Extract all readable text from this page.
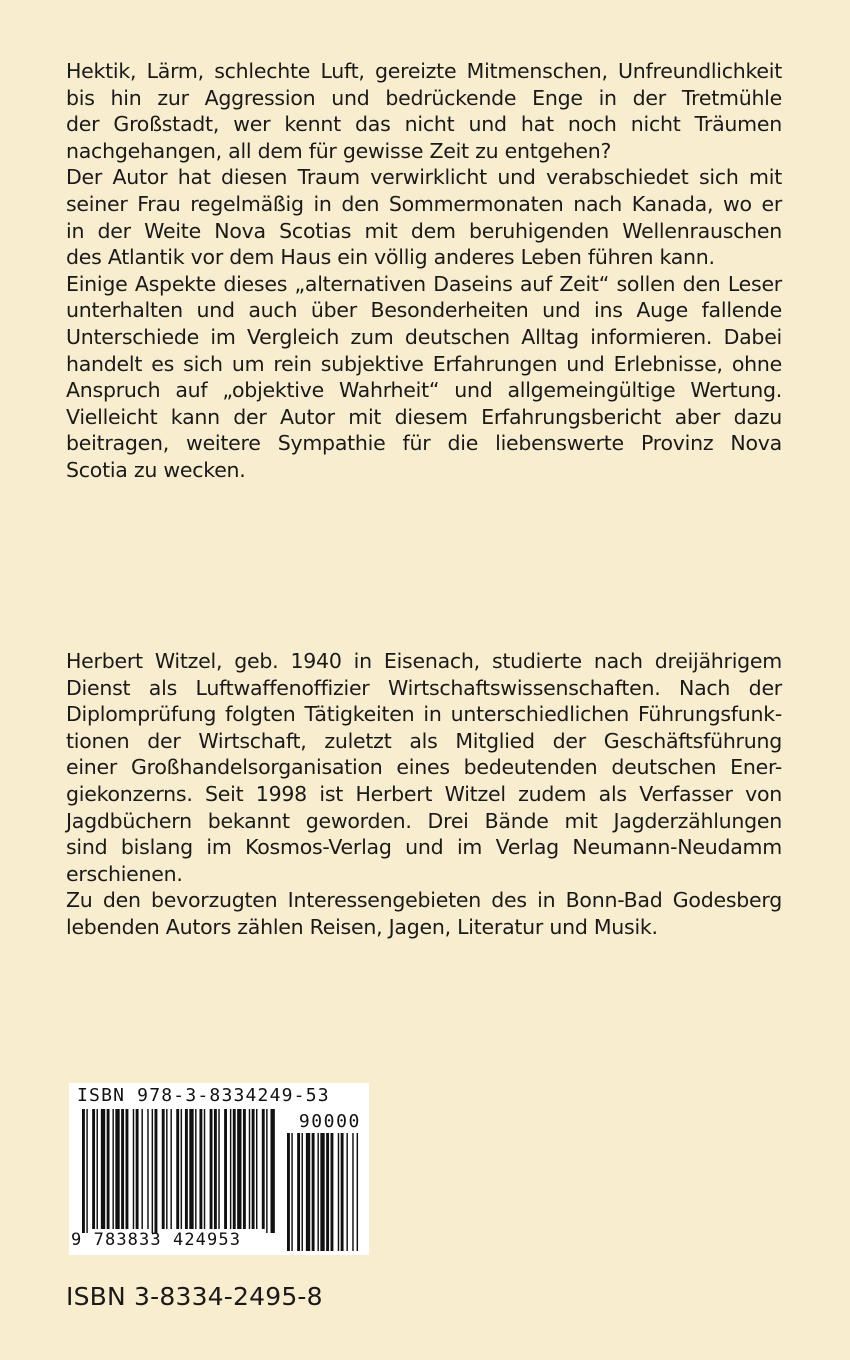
Hektik, Lärm, schlechte Luft, gereizte Mitmenschen, Unfreundlichkeit
bis hin zur Aggression und bedrückende Enge in der Tretmühle
der Großstadt, wer kennt das nicht und hat noch nicht Träumen
nachgehangen, all dem für gewisse Zeit zu entgehen?
Der Autor hat diesen Traum verwirklicht und verabschiedet sich mit
seiner Frau regelmäßig in den Sommermonaten nach Kanada, wo er
in der Weite Nova Scotias mit dem beruhigenden Wellenrauschen
des Atlantik vor dem Haus ein völlig anderes Leben führen kann.
Einige Aspekte dieses „alternativen Daseins auf Zeit“ sollen den Leser
unterhalten und auch über Besonderheiten und ins Auge fallende
Unterschiede im Vergleich zum deutschen Alltag informieren. Dabei
handelt es sich um rein subjektive Erfahrungen und Erlebnisse, ohne
Anspruch auf „objektive Wahrheit“ und allgemeingültige Wertung.
Vielleicht kann der Autor mit diesem Erfahrungsbericht aber dazu
beitragen, weitere Sympathie für die liebenswerte Provinz Nova
Scotia zu wecken.
Herbert Witzel, geb. 1940 in Eisenach, studierte nach dreijährigem
Dienst als Luftwaffenoffizier Wirtschaftswissenschaften. Nach der
Diplomprüfung folgten Tätigkeiten in unterschiedlichen Führungsfunk-
tionen der Wirtschaft, zuletzt als Mitglied der Geschäftsführung
einer Großhandelsorganisation eines bedeutenden deutschen Ener-
giekonzerns. Seit 1998 ist Herbert Witzel zudem als Verfasser von
Jagdbüchern bekannt geworden. Drei Bände mit Jagderzählungen
sind bislang im Kosmos-Verlag und im Verlag Neumann-Neudamm
erschienen.
Zu den bevorzugten Interessengebieten des in Bonn-Bad Godesberg
lebenden Autors zählen Reisen, Jagen, Literatur und Musik.
ISBN 978-3-8334249-53
90000
9 783833 424953
ISBN 3-8334-2495-8
